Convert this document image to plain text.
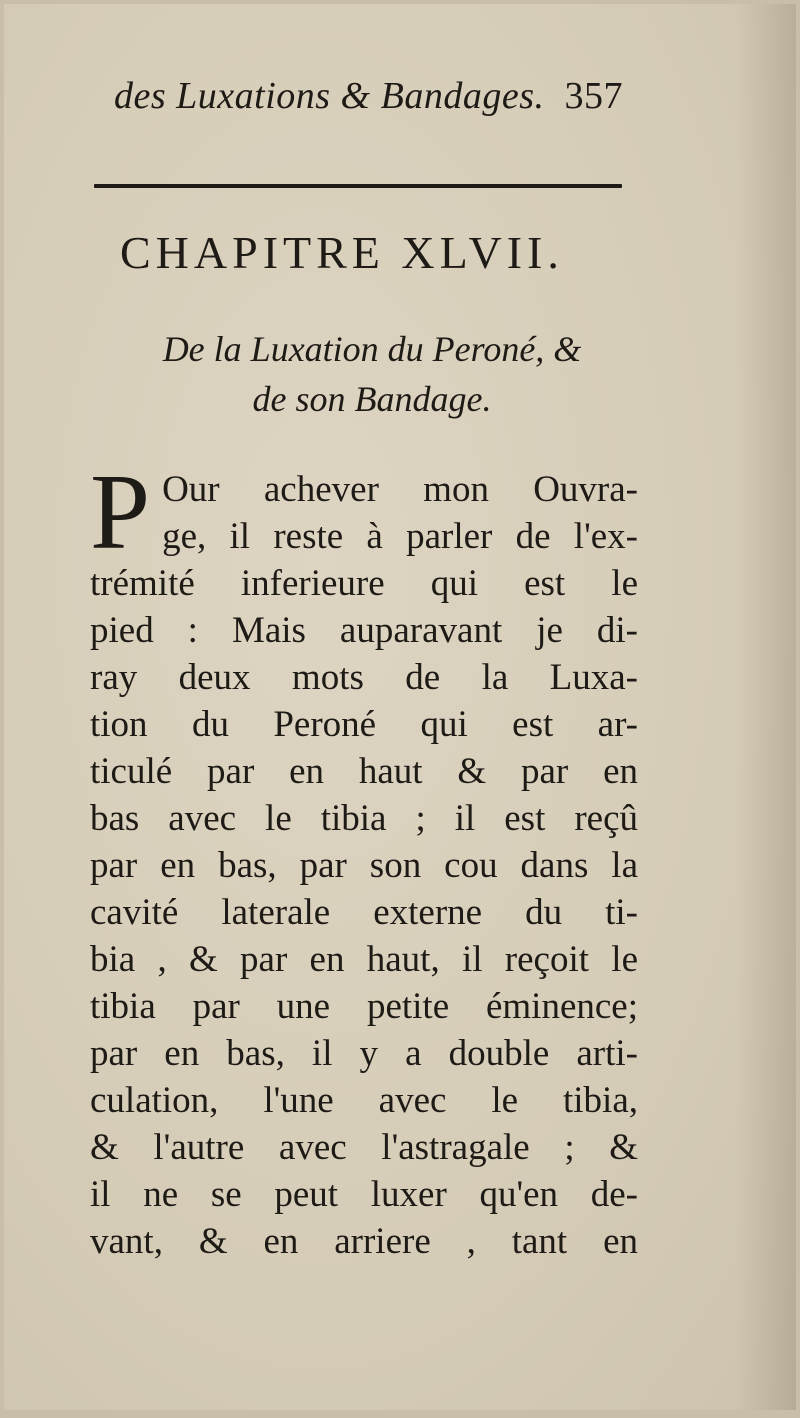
des Luxations & Bandages. 357
CHAPITRE XLVII.
De la Luxation du Peroné, &
de son Bandage.
P Our achever mon Ouvra-
ge, il reste à parler de l'ex-
trémité inferieure qui est le
pied : Mais auparavant je di-
ray deux mots de la Luxa-
tion du Peroné qui est ar-
ticulé par en haut & par en
bas avec le tibia ; il est reçû
par en bas, par son cou dans la
cavité laterale externe du ti-
bia , & par en haut, il reçoit le
tibia par une petite éminence;
par en bas, il y a double arti-
culation, l'une avec le tibia,
& l'autre avec l'astragale ; &
il ne se peut luxer qu'en de-
vant, & en arriere , tant en
